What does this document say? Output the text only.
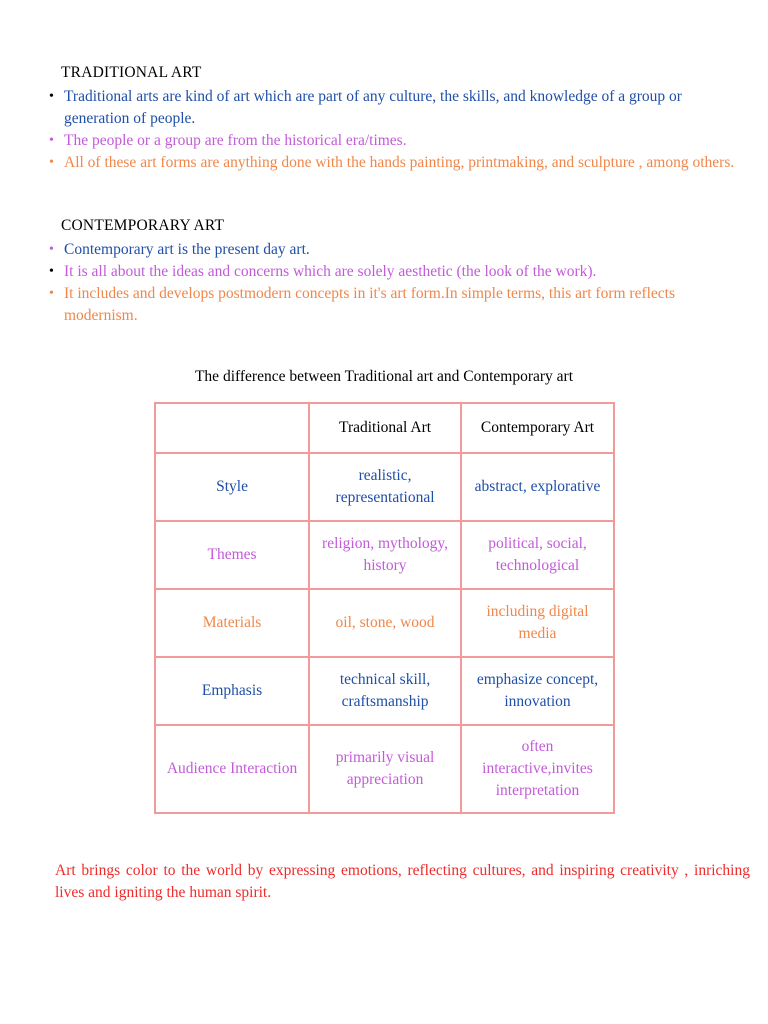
TRADITIONAL ART
• Traditional arts are kind of art which are part of any culture, the skills, and knowledge of a group or generation of people.
• The people or a group are from the historical era/times.
• All of these art forms are anything done with the hands painting, printmaking, and sculpture , among others.
CONTEMPORARY ART
• Contemporary art is the present day art.
• It is all about the ideas and concerns which are solely aesthetic (the look of the work).
• It includes and develops postmodern concepts in it's art form.In simple terms, this art form reflects modernism.
The difference between Traditional art and Contemporary art
	Traditional Art	Contemporary Art
Style	realistic, representational	abstract, explorative
Themes	religion, mythology, history	political, social, technological
Materials	oil, stone, wood	including digital media
Emphasis	technical skill, craftsmanship	emphasize concept, innovation
Audience Interaction	primarily visual appreciation	often interactive,invites interpretation
Art brings color to the world by expressing emotions, reflecting cultures, and inspiring creativity , inriching lives and igniting the human spirit.
